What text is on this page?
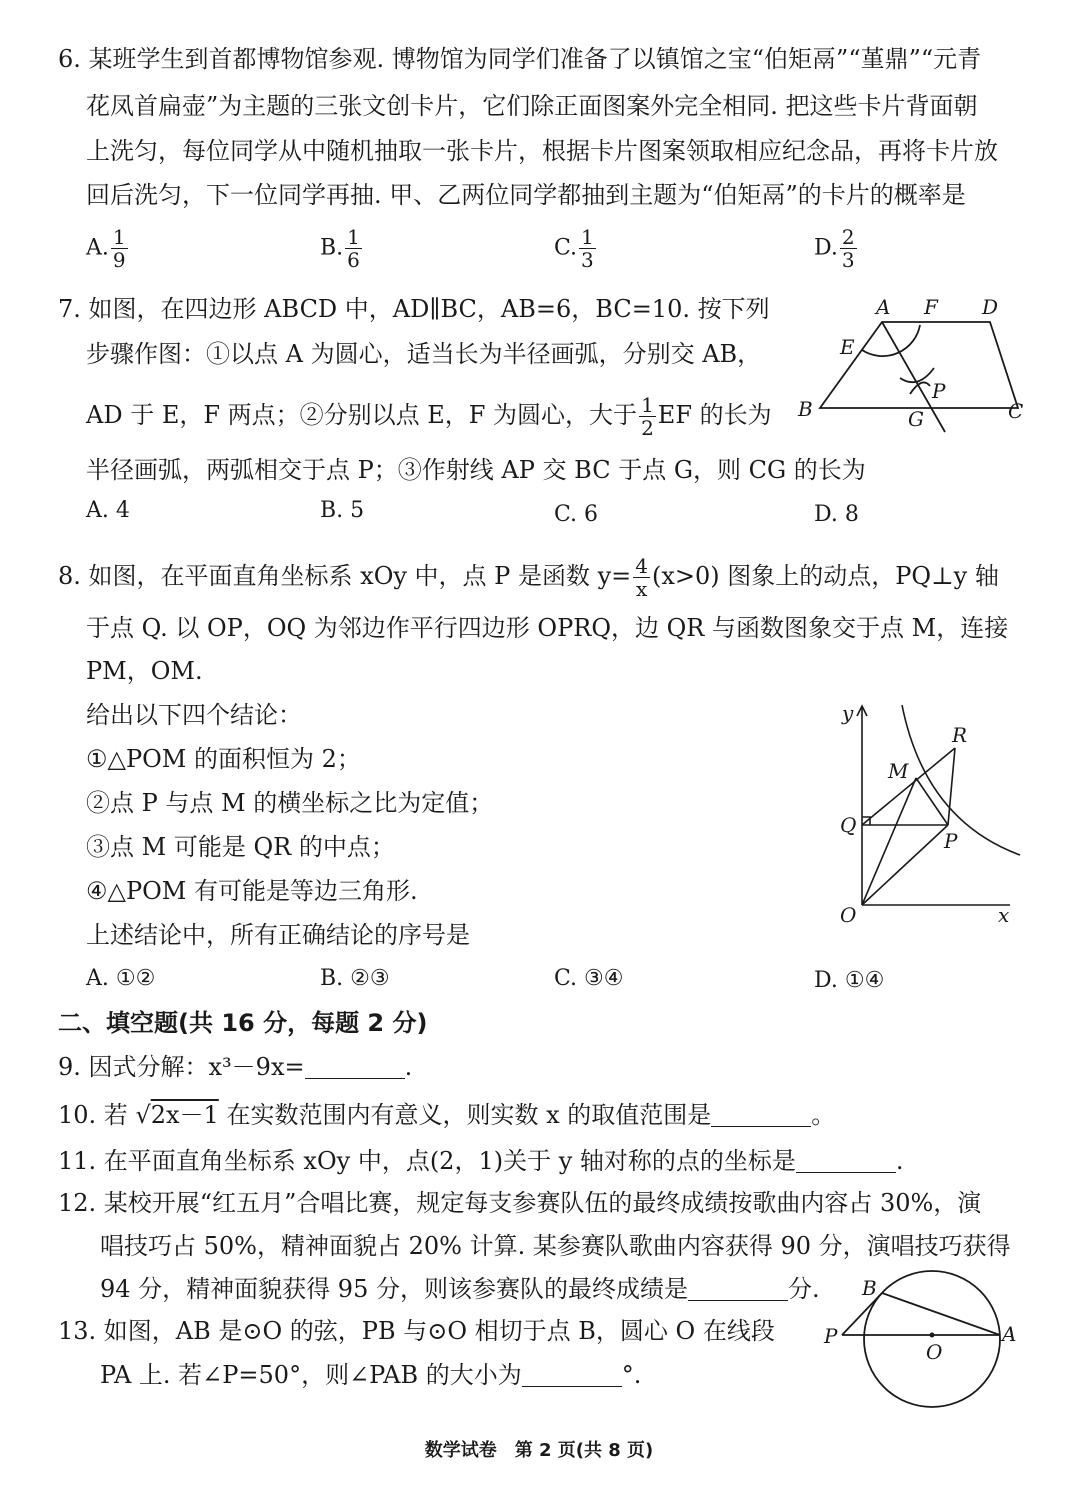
6. 某班学生到首都博物馆参观. 博物馆为同学们准备了以镇馆之宝“伯矩鬲”“堇鼎”“元青
花凤首扁壶”为主题的三张文创卡片，它们除正面图案外完全相同. 把这些卡片背面朝
上洗匀，每位同学从中随机抽取一张卡片，根据卡片图案领取相应纪念品，再将卡片放
回后洗匀，下一位同学再抽. 甲、乙两位同学都抽到主题为“伯矩鬲”的卡片的概率是
A. $\frac{1}{9}$	B. $\frac{1}{6}$	C. $\frac{1}{3}$	D. $\frac{2}{3}$
7. 如图，在四边形 ABCD 中，AD∥BC，AB=6，BC=10. 按下列
步骤作图：①以点 A 为圆心，适当长为半径画弧，分别交 AB，
AD 于 E，F 两点；②分别以点 E，F 为圆心，大于 $\frac{1}{2}$ EF 的长为
半径画弧，两弧相交于点 P；③作射线 AP 交 BC 于点 G，则 CG 的长为
A. 4	B. 5	C. 6	D. 8
A F D
E
P
B	G	C
8. 如图，在平面直角坐标系 xOy 中，点 P 是函数 $y= \frac{4}{x} (x>0)$ 图象上的动点，PQ⊥y 轴
于点 Q. 以 OP，OQ 为邻边作平行四边形 OPRQ，边 QR 与函数图象交于点 M，连接
PM，OM.
给出以下四个结论：
①△POM 的面积恒为 2；
②点 P 与点 M 的横坐标之比为定值；
③点 M 可能是 QR 的中点；
④△POM 有可能是等边三角形.
上述结论中，所有正确结论的序号是
A. ①②	B. ②③	C. ③④	D. ①④
y
R
M
Q
P
O	x
二、填空题(共 16 分，每题 2 分)
9. 因式分解：x³－9x=	.
10. 若 √2x－1 在实数范围内有意义，则实数 x 的取值范围是	。
11. 在平面直角坐标系 xOy 中，点(2，1)关于 y 轴对称的点的坐标是	.
12. 某校开展“红五月”合唱比赛，规定每支参赛队伍的最终成绩按歌曲内容占 30%，演
唱技巧占 50%，精神面貌占 20% 计算. 某参赛队歌曲内容获得 90 分，演唱技巧获得
94 分，精神面貌获得 95 分，则该参赛队的最终成绩是	分.
13. 如图，AB 是⊙O 的弦，PB 与⊙O 相切于点 B，圆心 O 在线段
PA 上. 若∠P=50°，则∠PAB 的大小为	°.
B
P
O
A
数学试卷　第 2 页(共 8 页)
